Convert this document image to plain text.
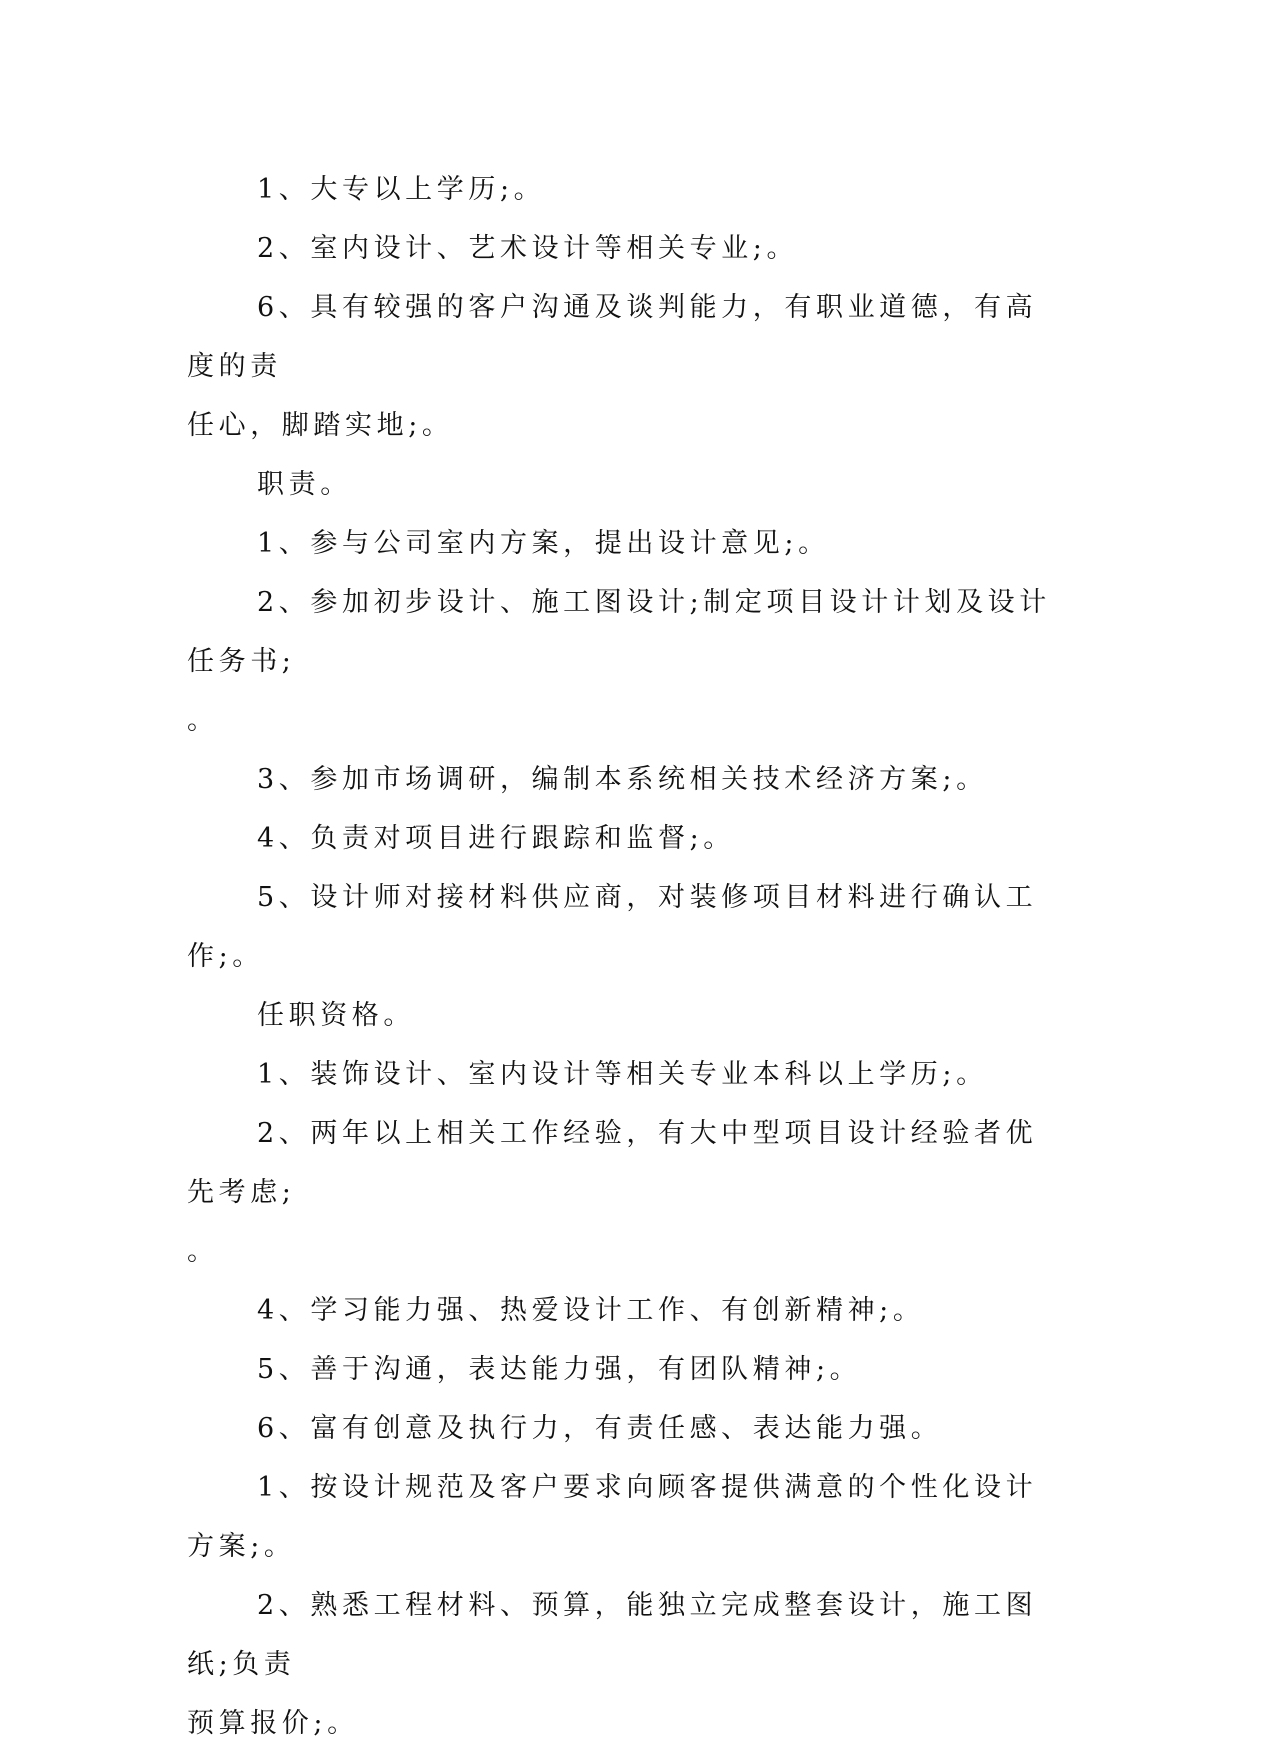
1、大专以上学历;。

2、室内设计、艺术设计等相关专业;。

6、具有较强的客户沟通及谈判能力，有职业道德，有高度的责

任心，脚踏实地;。

职责。

1、参与公司室内方案，提出设计意见;。

2、参加初步设计、施工图设计;制定项目设计计划及设计任务书;

。

3、参加市场调研，编制本系统相关技术经济方案;。

4、负责对项目进行跟踪和监督;。

5、设计师对接材料供应商，对装修项目材料进行确认工作;。

任职资格。

1、装饰设计、室内设计等相关专业本科以上学历;。

2、两年以上相关工作经验，有大中型项目设计经验者优先考虑;

。

4、学习能力强、热爱设计工作、有创新精神;。

5、善于沟通，表达能力强，有团队精神;。

6、富有创意及执行力，有责任感、表达能力强。

1、按设计规范及客户要求向顾客提供满意的个性化设计方案;。

2、熟悉工程材料、预算，能独立完成整套设计，施工图纸;负责

预算报价;。
